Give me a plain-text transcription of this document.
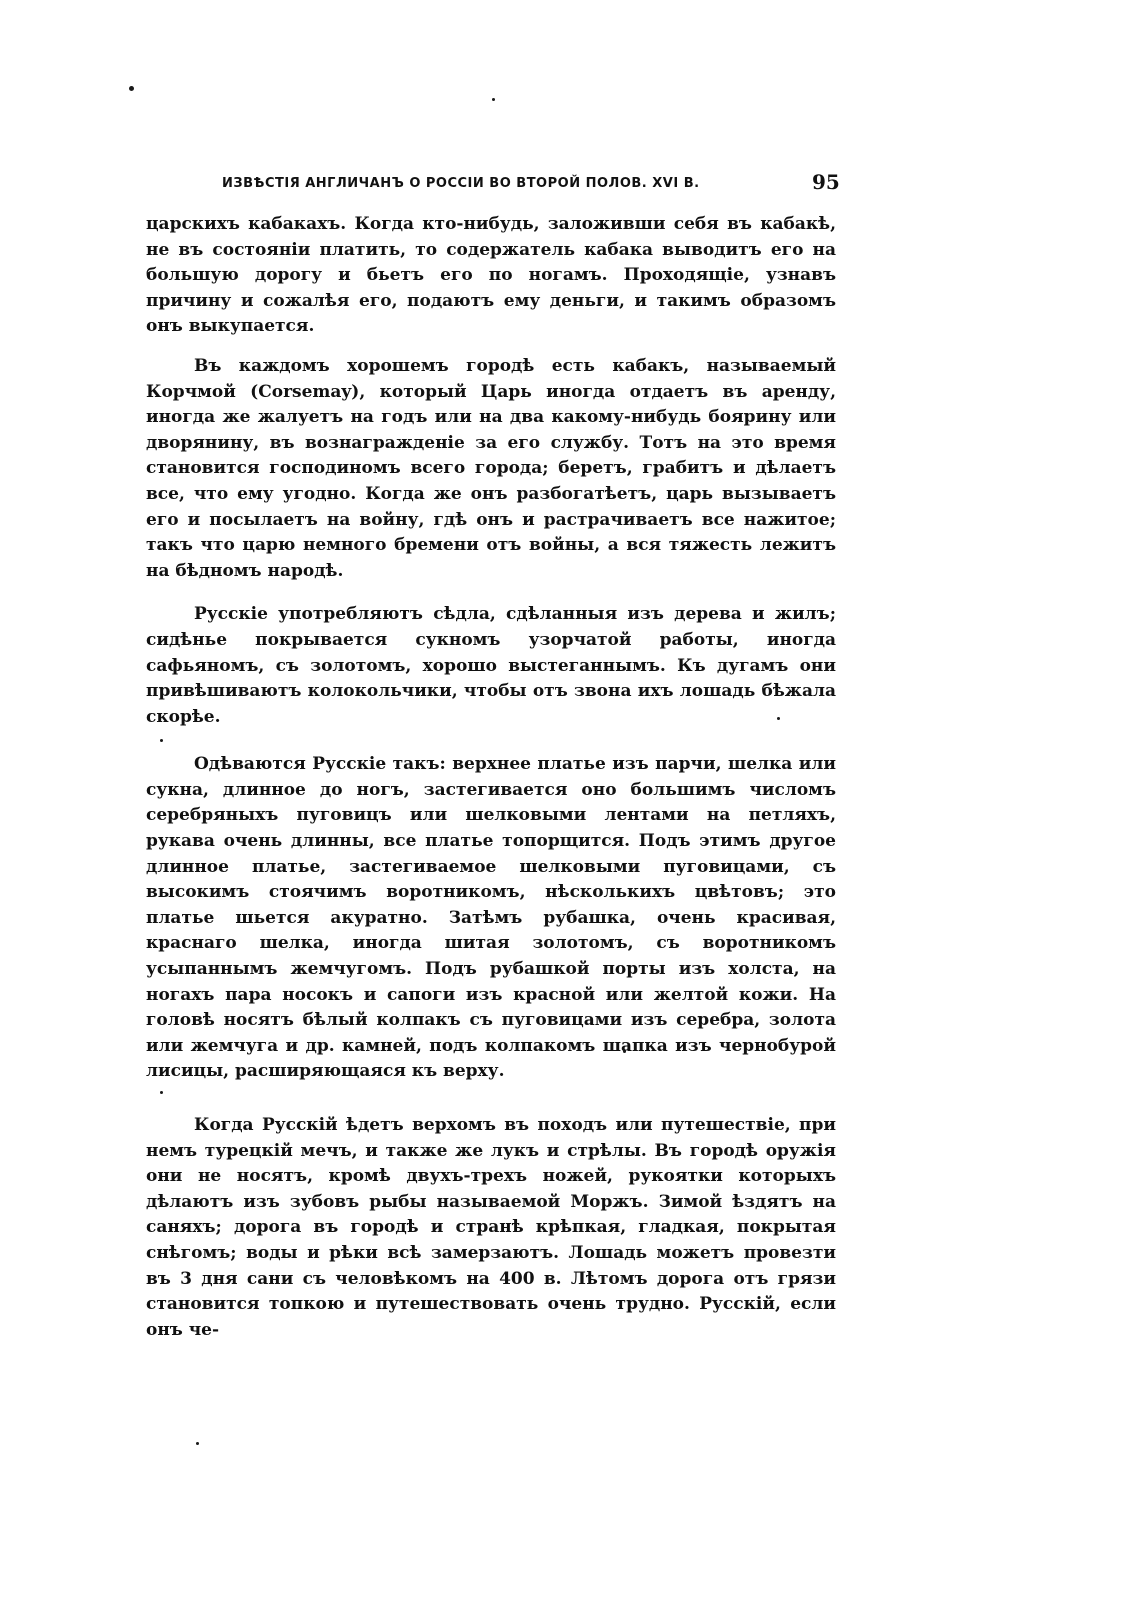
ИЗВѢСТІЯ АНГЛИЧАНЪ О РОССІИ ВО ВТОРОЙ ПОЛОВ. XVI В.	95

царскихъ кабакахъ. Когда кто-нибудь, заложивши себя въ кабакѣ, не въ состояніи платить, то содержатель кабака выводитъ его на большую дорогу и бьетъ его по ногамъ. Проходящіе, узнавъ причину и сожалѣя его, подаютъ ему деньги, и такимъ образомъ онъ выкупается.

Въ каждомъ хорошемъ городѣ есть кабакъ, называемый Корчмой (Corsemay), который Царь иногда отдаетъ въ аренду, иногда же жалуетъ на годъ или на два какому-нибудь боярину или дворянину, въ вознагражденіе за его службу. Тотъ на это время становится господиномъ всего города; беретъ, грабитъ и дѣлаетъ все, что ему угодно. Когда же онъ разбогатѣетъ, царь вызываетъ его и посылаетъ на войну, гдѣ онъ и растрачиваетъ все нажитое; такъ что царю немного бремени отъ войны, а вся тяжесть лежитъ на бѣдномъ народѣ.

Русскіе употребляютъ сѣдла, сдѣланныя изъ дерева и жилъ; сидѣнье покрывается сукномъ узорчатой работы, иногда сафьяномъ, съ золотомъ, хорошо выстеганнымъ. Къ дугамъ они привѣшиваютъ колокольчики, чтобы отъ звона ихъ лошадь бѣжала скорѣе.

Одѣваются Русскіе такъ: верхнее платье изъ парчи, шелка или сукна, длинное до ногъ, застегивается оно большимъ числомъ серебряныхъ пуговицъ или шелковыми лентами на петляхъ, рукава очень длинны, все платье топорщится. Подъ этимъ другое длинное платье, застегиваемое шелковыми пуговицами, съ высокимъ стоячимъ воротникомъ, нѣсколькихъ цвѣтовъ; это платье шьется акуратно. Затѣмъ рубашка, очень красивая, краснаго шелка, иногда шитая золотомъ, съ воротникомъ усыпаннымъ жемчугомъ. Подъ рубашкой порты изъ холста, на ногахъ пара носокъ и сапоги изъ красной или желтой кожи. На головѣ носятъ бѣлый колпакъ съ пуговицами изъ серебра, золота или жемчуга и др. камней, подъ колпакомъ шапка изъ чернобурой лисицы, расширяющаяся къ верху.

Когда Русскій ѣдетъ верхомъ въ походъ или путешествіе, при немъ турецкій мечъ, и также же лукъ и стрѣлы. Въ городѣ оружія они не носятъ, кромѣ двухъ-трехъ ножей, рукоятки которыхъ дѣлаютъ изъ зубовъ рыбы называемой Моржъ. Зимой ѣздятъ на саняхъ; дорога въ городѣ и странѣ крѣпкая, гладкая, покрытая снѣгомъ; воды и рѣки всѣ замерзаютъ. Лошадь можетъ провезти въ 3 дня сани съ человѣкомъ на 400 в. Лѣтомъ дорога отъ грязи становится топкою и путешествовать очень трудно. Русскій, если онъ че-
